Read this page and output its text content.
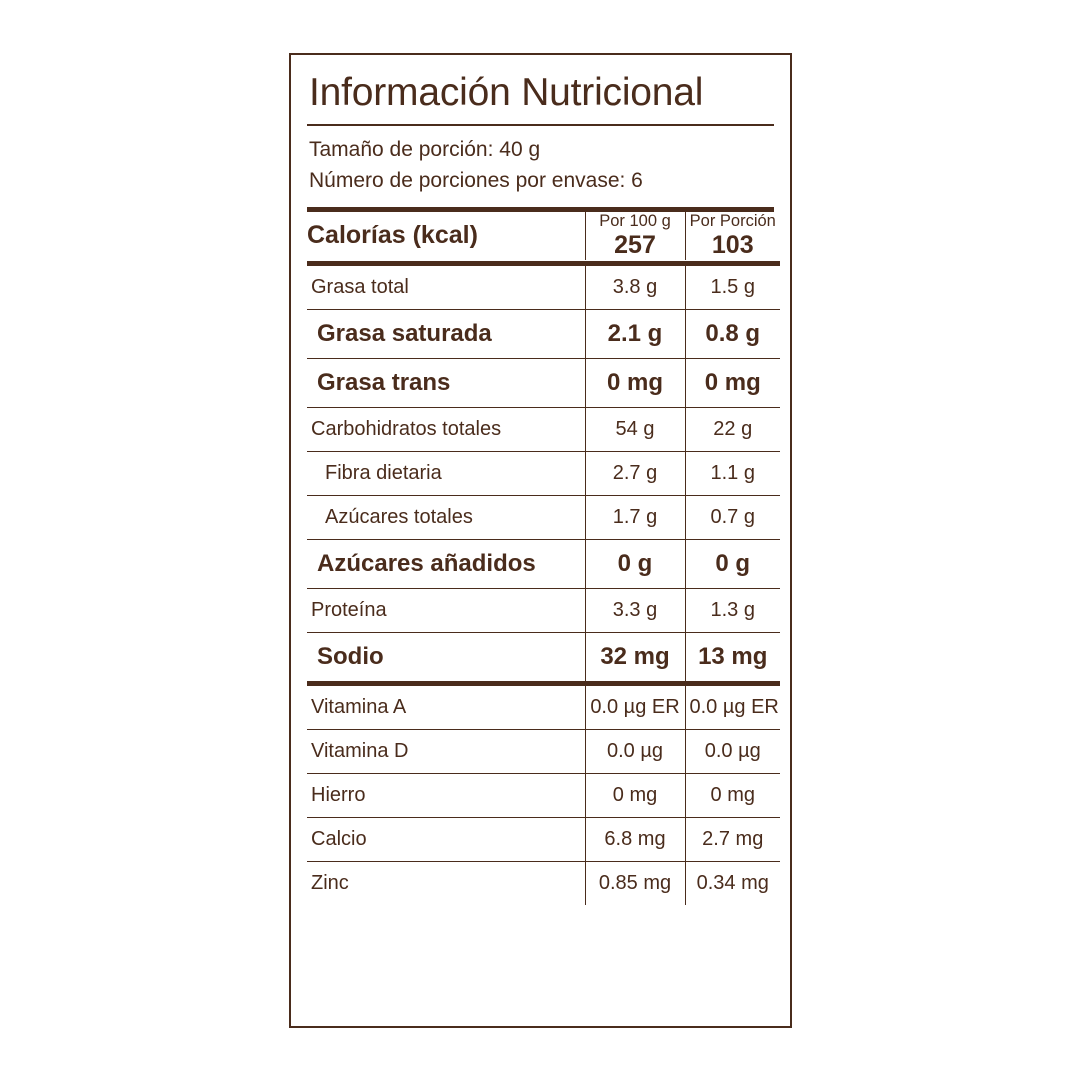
Información Nutricional
Tamaño de porción: 40 g
Número de porciones por envase: 6
Calorías (kcal)	Por 100 g	Por Porción
	257	103

Grasa total	3.8 g	1.5 g
Grasa saturada	2.1 g	0.8 g
Grasa trans	0 mg	0 mg
Carbohidratos totales	54 g	22 g
Fibra dietaria	2.7 g	1.1 g
Azúcares totales	1.7 g	0.7 g
Azúcares añadidos	0 g	0 g
Proteína	3.3 g	1.3 g
Sodio	32 mg	13 mg
Vitamina A	0.0 µg ER	0.0 µg ER
Vitamina D	0.0 µg	0.0 µg
Hierro	0 mg	0 mg
Calcio	6.8 mg	2.7 mg
Zinc	0.85 mg	0.34 mg
